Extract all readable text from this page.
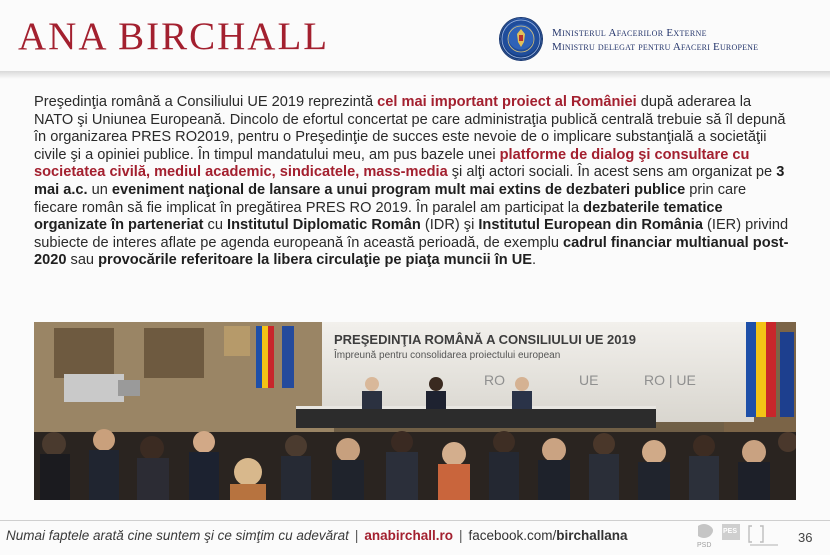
ANA BIRCHALL	Ministerul Afacerilor Externe
Ministru delegat pentru Afaceri Europene

Preşedinţia română a Consiliului UE 2019 reprezintă cel mai important proiect al României după aderarea la NATO şi Uniunea Europeană. Dincolo de efortul concertat pe care administraţia publică centrală trebuie să îl depună în organizarea PRES RO2019, pentru o Preşedinţie de succes este nevoie de o implicare substanţială a societăţii civile şi a opiniei publice. În timpul mandatului meu, am pus bazele unei platforme de dialog şi consultare cu societatea civilă, mediul academic, sindicatele, mass-media şi alţi actori sociali. În acest sens am organizat pe 3 mai a.c. un eveniment naţional de lansare a unui program mult mai extins de dezbateri publice prin care fiecare român să fie implicat în pregătirea PRES RO 2019. În paralel am participat la dezbaterile tematice organizate în parteneriat cu Institutul Diplomatic Român (IDR) şi Institutul European din România (IER) privind subiecte de interes aflate pe agenda europeană în această perioadă, de exemplu cadrul financiar multianual post-2020 sau provocările referitoare la libera circulaţie pe piaţa muncii în UE.

PREŞEDINŢIA ROMÂNĂ A CONSILIULUI UE 2019
Împreună pentru consolidarea proiectului european
RO	UE	RO | UE
Numai faptele arată cine suntem şi ce simţim cu adevărat | anabirchall.ro | facebook.com/birchallana
PSD
PES	36
